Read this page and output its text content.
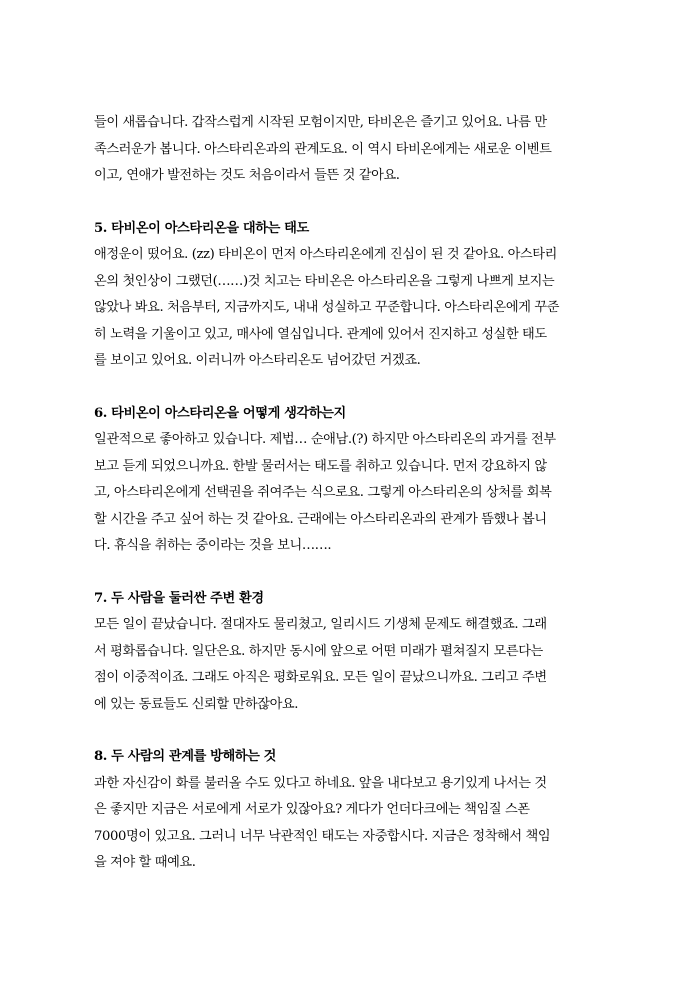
들이 새롭습니다. 갑작스럽게 시작된 모험이지만, 타비온은 즐기고 있어요. 나름 만
족스러운가 봅니다. 아스타리온과의 관계도요. 이 역시 타비온에게는 새로운 이벤트
이고, 연애가 발전하는 것도 처음이라서 들뜬 것 같아요.

5. 타비온이 아스타리온을 대하는 태도

애정운이 떴어요. (zz) 타비온이 먼저 아스타리온에게 진심이 된 것 같아요. 아스타리
온의 첫인상이 그랬던(……)것 치고는 타비온은 아스타리온을 그렇게 나쁘게 보지는
않았나 봐요. 처음부터, 지금까지도, 내내 성실하고 꾸준합니다. 아스타리온에게 꾸준
히 노력을 기울이고 있고, 매사에 열심입니다. 관계에 있어서 진지하고 성실한 태도
를 보이고 있어요. 이러니까 아스타리온도 넘어갔던 거겠죠.

6. 타비온이 아스타리온을 어떻게 생각하는지

일관적으로 좋아하고 있습니다. 제법… 순애남.(?) 하지만 아스타리온의 과거를 전부
보고 듣게 되었으니까요. 한발 물러서는 태도를 취하고 있습니다. 먼저 강요하지 않
고, 아스타리온에게 선택권을 쥐여주는 식으로요. 그렇게 아스타리온의 상처를 회복
할 시간을 주고 싶어 하는 것 같아요. 근래에는 아스타리온과의 관계가 뜸했나 봅니
다. 휴식을 취하는 중이라는 것을 보니…….

7. 두 사람을 둘러싼 주변 환경

모든 일이 끝났습니다. 절대자도 물리쳤고, 일리시드 기생체 문제도 해결했죠. 그래
서 평화롭습니다. 일단은요. 하지만 동시에 앞으로 어떤 미래가 펼쳐질지 모른다는
점이 이중적이죠. 그래도 아직은 평화로워요. 모든 일이 끝났으니까요. 그리고 주변
에 있는 동료들도 신뢰할 만하잖아요.

8. 두 사람의 관계를 방해하는 것

과한 자신감이 화를 불러올 수도 있다고 하네요. 앞을 내다보고 용기있게 나서는 것
은 좋지만 지금은 서로에게 서로가 있잖아요? 게다가 언더다크에는 책임질 스폰
7000명이 있고요. 그러니 너무 낙관적인 태도는 자중합시다. 지금은 정착해서 책임
을 져야 할 때예요.
